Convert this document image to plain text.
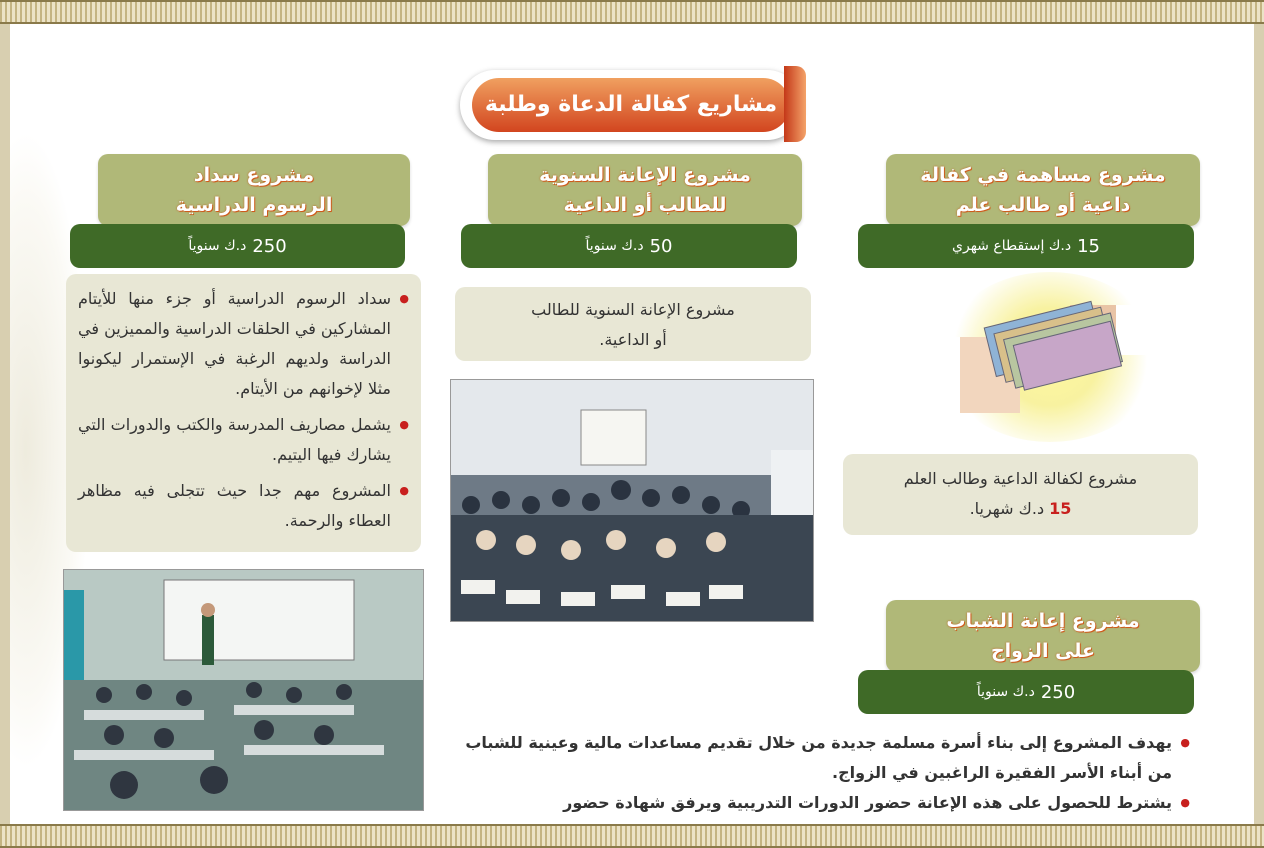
مشاريع كفالة الدعاة وطلبة
مشروع مساهمة في كفالة
داعية أو طالب علم
15
د.ك إستقطاع شهري
مشروع لكفالة الداعية وطالب العلم
15 د.ك شهريا.
مشروع الإعانة السنوية
للطالب أو الداعية
50
د.ك سنوياً
مشروع الإعانة السنوية للطالب
أو الداعية.
مشروع سداد
الرسوم الدراسية
250
د.ك سنوياً
● سداد الرسوم الدراسية أو جزء منها للأيتام المشاركين في الحلقات الدراسية والمميزين في الدراسة ولديهم الرغبة في الإستمرار ليكونوا مثلا لإخوانهم من الأيتام.
● يشمل مصاريف المدرسة والكتب والدورات التي يشارك فيها اليتيم.
● المشروع مهم جدا حيث تتجلى فيه مظاهر العطاء والرحمة.
مشروع إعانة الشباب
على الزواج
250
د.ك سنوياً
● يهدف المشروع إلى بناء أسرة مسلمة جديدة من خلال تقديم مساعدات مالية وعينية للشباب من أبناء الأسر الفقيرة الراغبين في الزواج.
● يشترط للحصول على هذه الإعانة حضور الدورات التدريبية ويرفق شهادة حضور
